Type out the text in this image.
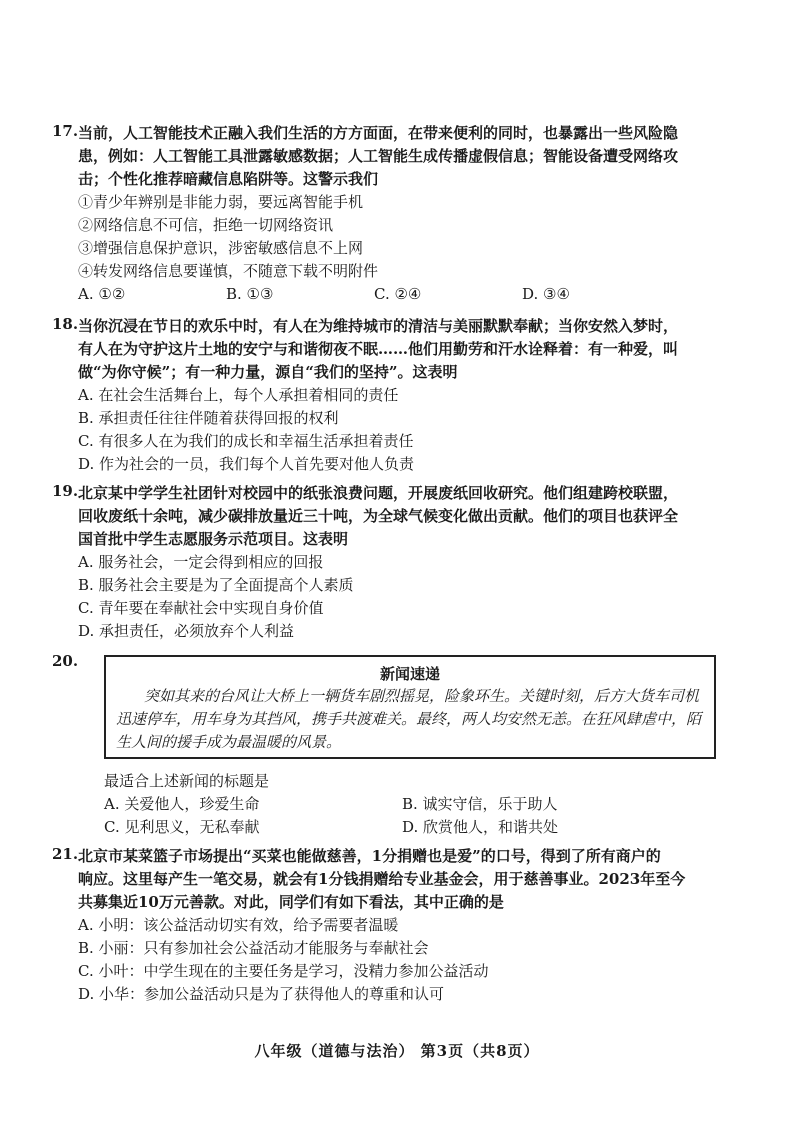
17. 当前，人工智能技术正融入我们生活的方方面面，在带来便利的同时，也暴露出一些风险隐
患，例如：人工智能工具泄露敏感数据；人工智能生成传播虚假信息；智能设备遭受网络攻
击；个性化推荐暗藏信息陷阱等。这警示我们
①青少年辨别是非能力弱，要远离智能手机
②网络信息不可信，拒绝一切网络资讯
③增强信息保护意识，涉密敏感信息不上网
④转发网络信息要谨慎，不随意下载不明附件
A. ①②	B. ①③	C. ②④	D. ③④
18. 当你沉浸在节日的欢乐中时，有人在为维持城市的清洁与美丽默默奉献；当你安然入梦时，
有人在为守护这片土地的安宁与和谐彻夜不眠……他们用勤劳和汗水诠释着：有一种爱，叫
做“为你守候”；有一种力量，源自“我们的坚持”。这表明
A. 在社会生活舞台上，每个人承担着相同的责任
B. 承担责任往往伴随着获得回报的权利
C. 有很多人在为我们的成长和幸福生活承担着责任
D. 作为社会的一员，我们每个人首先要对他人负责
19. 北京某中学学生社团针对校园中的纸张浪费问题，开展废纸回收研究。他们组建跨校联盟，
回收废纸十余吨，减少碳排放量近三十吨，为全球气候变化做出贡献。他们的项目也获评全
国首批中学生志愿服务示范项目。这表明
A. 服务社会，一定会得到相应的回报
B. 服务社会主要是为了全面提高个人素质
C. 青年要在奉献社会中实现自身价值
D. 承担责任，必须放弃个人利益
20.
新闻速递
突如其来的台风让大桥上一辆货车剧烈摇晃，险象环生。关键时刻，后方大货车司机
迅速停车，用车身为其挡风，携手共渡难关。最终，两人均安然无恙。在狂风肆虐中，陌
生人间的援手成为最温暖的风景。
最适合上述新闻的标题是
A. 关爱他人，珍爱生命	B. 诚实守信，乐于助人
C. 见利思义，无私奉献	D. 欣赏他人，和谐共处
21. 北京市某菜篮子市场提出“买菜也能做慈善，1分捐赠也是爱”的口号，得到了所有商户的
响应。这里每产生一笔交易，就会有1分钱捐赠给专业基金会，用于慈善事业。2023年至今
共募集近10万元善款。对此，同学们有如下看法，其中正确的是
A. 小明：该公益活动切实有效，给予需要者温暖
B. 小丽：只有参加社会公益活动才能服务与奉献社会
C. 小叶：中学生现在的主要任务是学习，没精力参加公益活动
D. 小华：参加公益活动只是为了获得他人的尊重和认可
八年级（道德与法治） 第3页（共8页）
